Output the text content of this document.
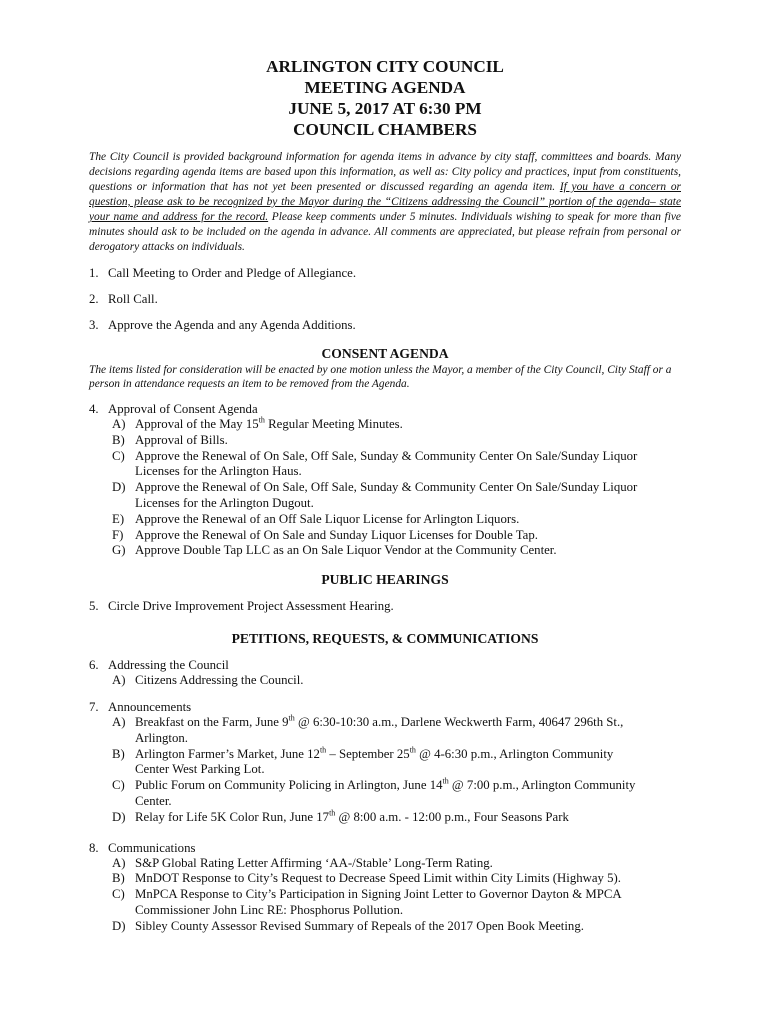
ARLINGTON CITY COUNCIL
MEETING AGENDA
JUNE 5, 2017 AT 6:30 PM
COUNCIL CHAMBERS
The City Council is provided background information for agenda items in advance by city staff, committees and boards. Many decisions regarding agenda items are based upon this information, as well as: City policy and practices, input from constituents, questions or information that has not yet been presented or discussed regarding an agenda item. If you have a concern or question, please ask to be recognized by the Mayor during the “Citizens addressing the Council” portion of the agenda– state your name and address for the record. Please keep comments under 5 minutes. Individuals wishing to speak for more than five minutes should ask to be included on the agenda in advance. All comments are appreciated, but please refrain from personal or derogatory attacks on individuals.
1. Call Meeting to Order and Pledge of Allegiance.
2. Roll Call.
3. Approve the Agenda and any Agenda Additions.
CONSENT AGENDA
The items listed for consideration will be enacted by one motion unless the Mayor, a member of the City Council, City Staff or a person in attendance requests an item to be removed from the Agenda.
4. Approval of Consent Agenda
A) Approval of the May 15th Regular Meeting Minutes.
B) Approval of Bills.
C) Approve the Renewal of On Sale, Off Sale, Sunday & Community Center On Sale/Sunday Liquor
Licenses for the Arlington Haus.
D) Approve the Renewal of On Sale, Off Sale, Sunday & Community Center On Sale/Sunday Liquor
Licenses for the Arlington Dugout.
E) Approve the Renewal of an Off Sale Liquor License for Arlington Liquors.
F) Approve the Renewal of On Sale and Sunday Liquor Licenses for Double Tap.
G) Approve Double Tap LLC as an On Sale Liquor Vendor at the Community Center.
PUBLIC HEARINGS
5. Circle Drive Improvement Project Assessment Hearing.
PETITIONS, REQUESTS, & COMMUNICATIONS
6. Addressing the Council
A) Citizens Addressing the Council.
7. Announcements
A) Breakfast on the Farm, June 9th @ 6:30-10:30 a.m., Darlene Weckwerth Farm, 40647 296th St.,
Arlington.
B) Arlington Farmer’s Market, June 12th – September 25th @ 4-6:30 p.m., Arlington Community
Center West Parking Lot.
C) Public Forum on Community Policing in Arlington, June 14th @ 7:00 p.m., Arlington Community
Center.
D) Relay for Life 5K Color Run, June 17th @ 8:00 a.m. - 12:00 p.m., Four Seasons Park
8. Communications
A) S&P Global Rating Letter Affirming ‘AA-/Stable’ Long-Term Rating.
B) MnDOT Response to City’s Request to Decrease Speed Limit within City Limits (Highway 5).
C) MnPCA Response to City’s Participation in Signing Joint Letter to Governor Dayton & MPCA
Commissioner John Linc RE: Phosphorus Pollution.
D) Sibley County Assessor Revised Summary of Repeals of the 2017 Open Book Meeting.
